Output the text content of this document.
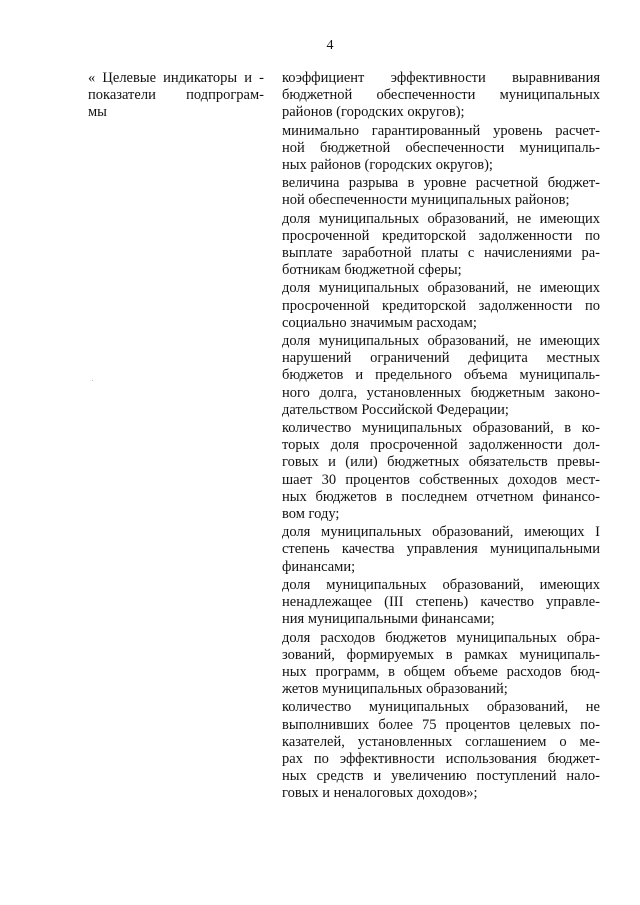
4
« Целевые индикаторы и -
показатели подпрограм-
мы
коэффициент эффективности выравнивания
бюджетной обеспеченности муниципальных
районов (городских округов);
минимально гарантированный уровень расчет-
ной бюджетной обеспеченности муниципаль-
ных районов (городских округов);
величина разрыва в уровне расчетной бюджет-
ной обеспеченности муниципальных районов;
доля муниципальных образований, не имеющих
просроченной кредиторской задолженности по
выплате заработной платы с начислениями ра-
ботникам бюджетной сферы;
доля муниципальных образований, не имеющих
просроченной кредиторской задолженности по
социально значимым расходам;
доля муниципальных образований, не имеющих
нарушений ограничений дефицита местных
бюджетов и предельного объема муниципаль-
ного долга, установленных бюджетным законо-
дательством Российской Федерации;
количество муниципальных образований, в ко-
торых доля просроченной задолженности дол-
говых и (или) бюджетных обязательств превы-
шает 30 процентов собственных доходов мест-
ных бюджетов в последнем отчетном финансо-
вом году;
доля муниципальных образований, имеющих I
степень качества управления муниципальными
финансами;
доля муниципальных образований, имеющих
ненадлежащее (III степень) качество управле-
ния муниципальными финансами;
доля расходов бюджетов муниципальных обра-
зований, формируемых в рамках муниципаль-
ных программ, в общем объеме расходов бюд-
жетов муниципальных образований;
количество муниципальных образований, не
выполнивших более 75 процентов целевых по-
казателей, установленных соглашением о ме-
рах по эффективности использования бюджет-
ных средств и увеличению поступлений нало-
говых и неналоговых доходов»;
